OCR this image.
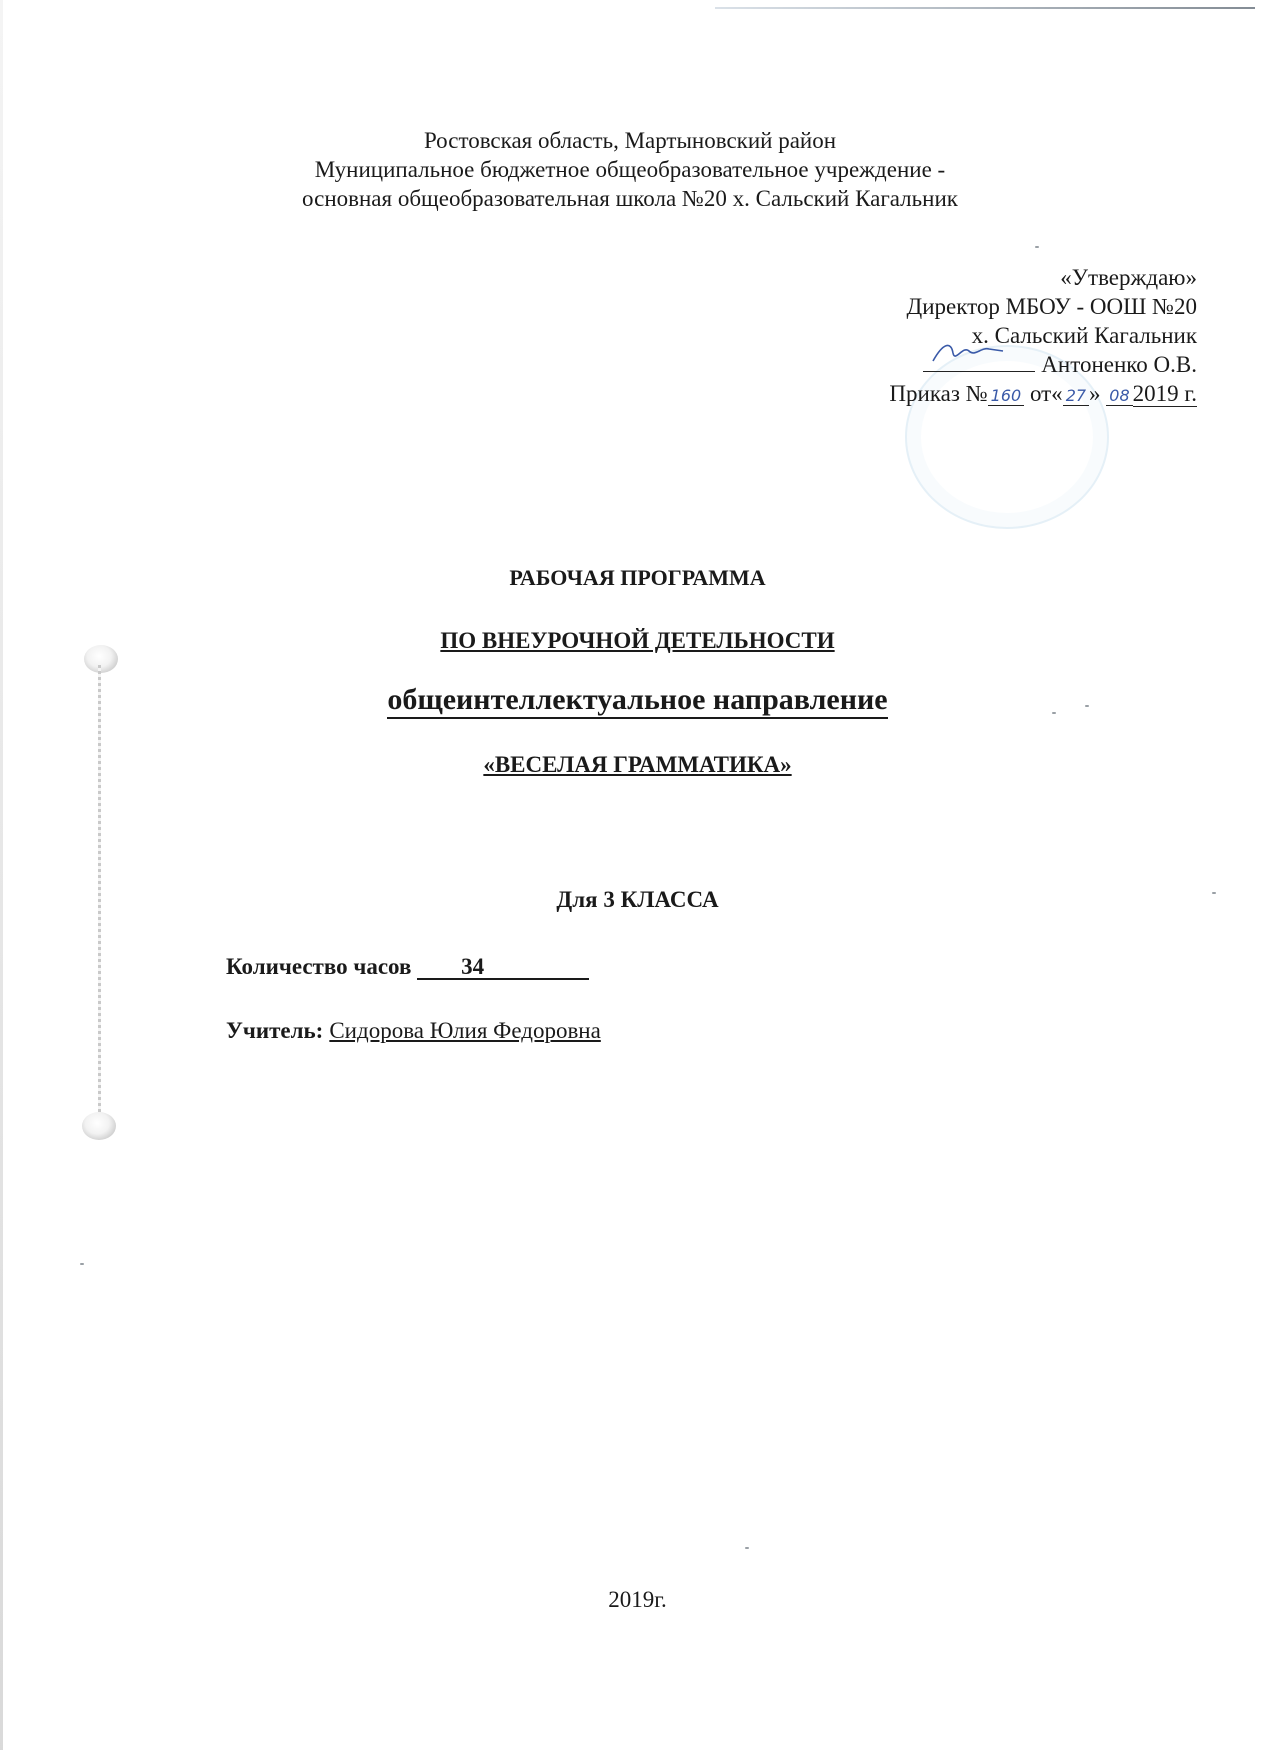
Ростовская область, Мартыновский район
Муниципальное бюджетное общеобразовательное учреждение -
основная общеобразовательная школа №20 х. Сальский Кагальник
«Утверждаю»
Директор МБОУ - ООШ №20
х. Сальский Кагальник
Антоненко О.В.
Приказ № 160 от« 27 » 08 2019 г.
РАБОЧАЯ ПРОГРАММА
ПО ВНЕУРОЧНОЙ ДЕТЕЛЬНОСТИ
общеинтеллектуальное направление
«ВЕСЕЛАЯ ГРАММАТИКА»
Для 3 КЛАССА
Количество часов 34
Учитель: Сидорова Юлия Федоровна
2019г.
